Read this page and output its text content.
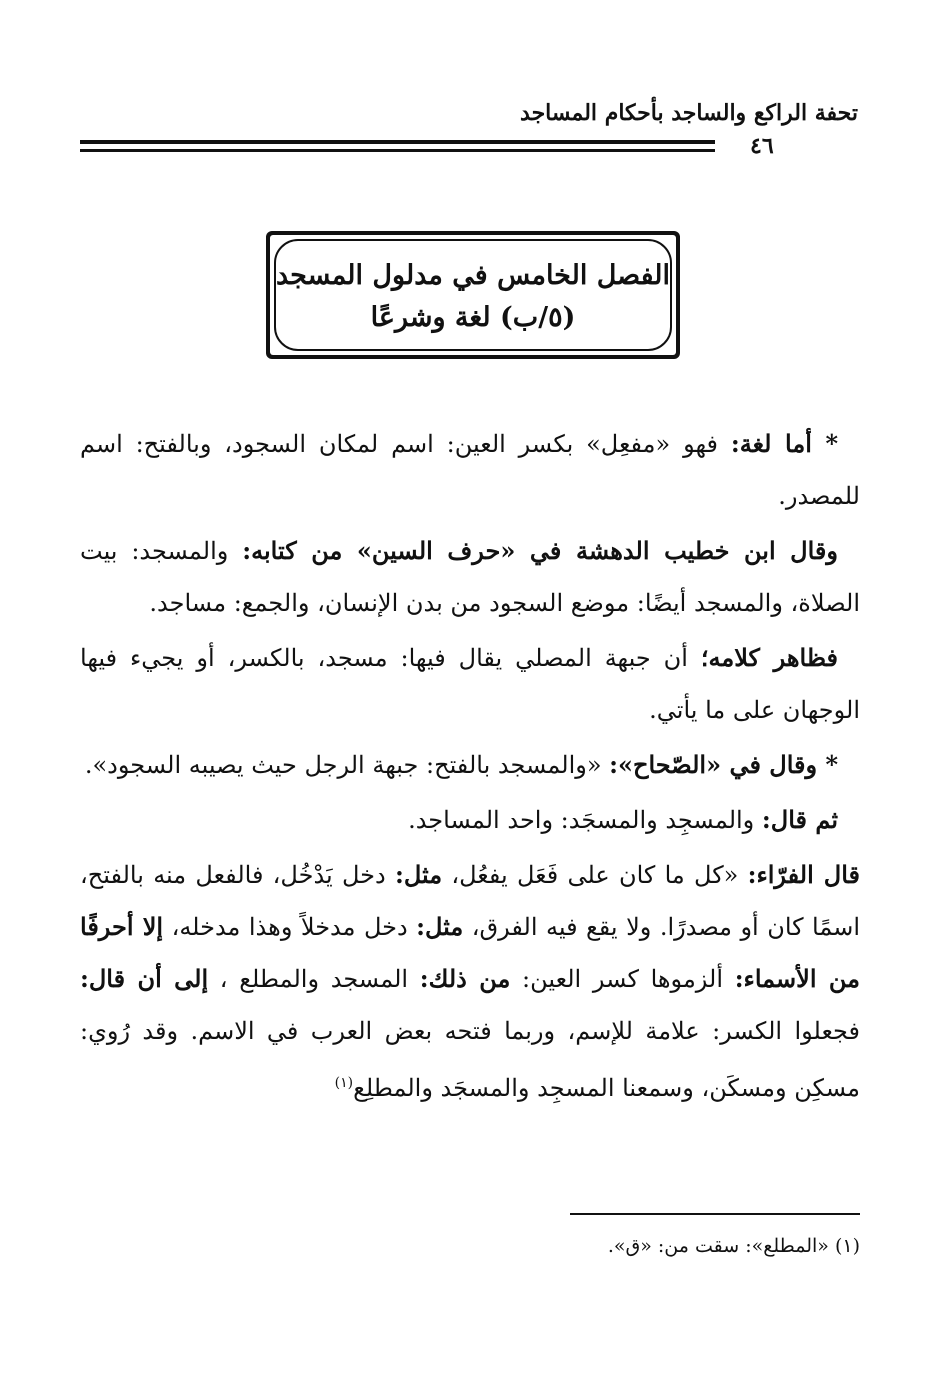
تحفة الراكع والساجد بأحكام المساجد
٤٦
الفصل الخامس في مدلول المسجد
(٥/ب) لغة وشرعًا

* أما لغة: فهو «مفعِل» بكسر العين: اسم لمكان السجود، وبالفتح: اسم للمصدر.

وقال ابن خطيب الدهشة في «حرف السين» من كتابه: والمسجد: بيت الصلاة، والمسجد أيضًا: موضع السجود من بدن الإنسان، والجمع: مساجد.

فظاهر كلامه؛ أن جبهة المصلي يقال فيها: مسجد، بالكسر، أو يجيء فيها الوجهان على ما يأتي.

* وقال في «الصّحاح»: «والمسجد بالفتح: جبهة الرجل حيث يصيبه السجود».

ثم قال: والمسجِد والمسجَد: واحد المساجد.

قال الفرّاء: «كل ما كان على فَعَل يفعُل، مثل: دخل يَدْخُل، فالفعل منه بالفتح، اسمًا كان أو مصدرًا. ولا يقع فيه الفرق، مثل: دخل مدخلاً وهذا مدخله، إلا أحرفًا من الأسماء: ألزموها كسر العين: من ذلك: المسجد والمطلع ، إلى أن قال: فجعلوا الكسر: علامة للإسم، وربما فتحه بعض العرب في الاسم. وقد رُوي: مسكِن ومسكَن، وسمعنا المسجِد والمسجَد والمطلِع$^{(١)}$

(١) «المطلع»: سقت من: «ق».
